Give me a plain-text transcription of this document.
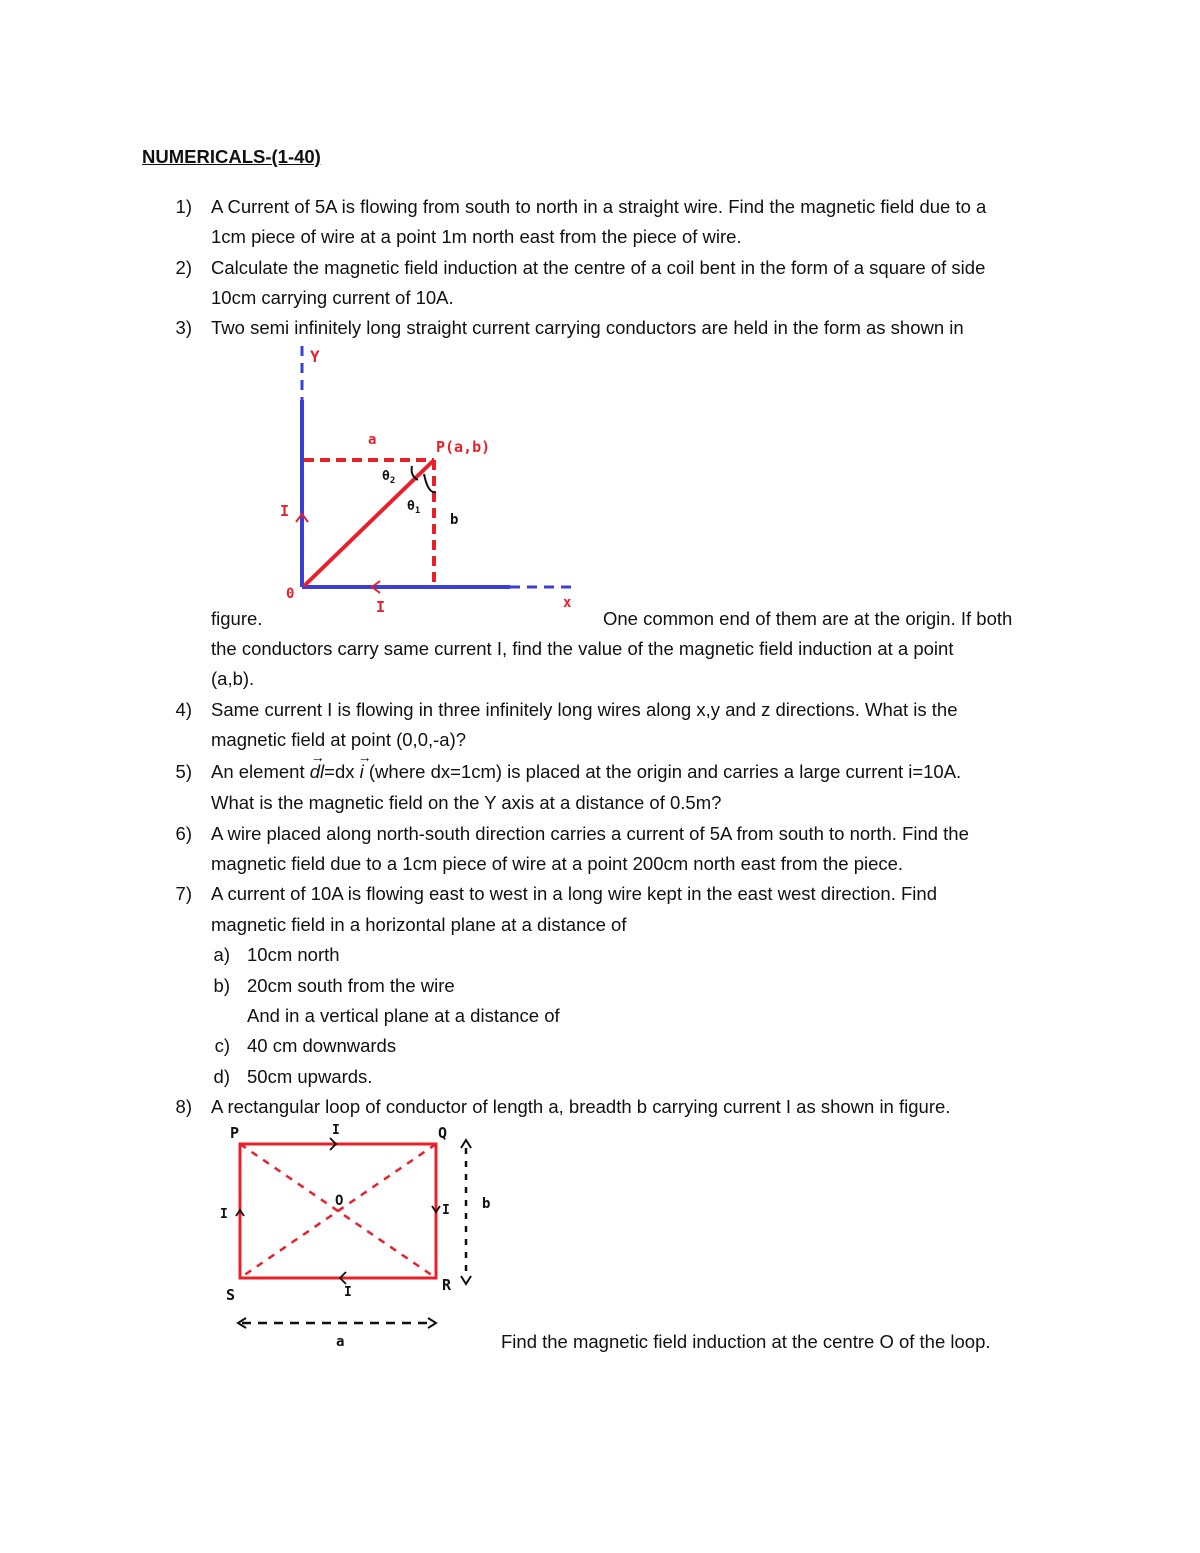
NUMERICALS-(1-40)
1) A Current of 5A is flowing from south to north in a straight wire. Find the magnetic field due to a
1cm piece of wire at a point 1m north east from the piece of wire.
2) Calculate the magnetic field induction at the centre of a coil bent in the form of a square of side
10cm carrying current of 10A.
3) Two semi infinitely long straight current carrying conductors are held in the form as shown in
Y
x
a	P(a,b)
$\theta_2$
$\theta_1$
b
I
I
0
figure.	One common end of them are at the origin. If both
the conductors carry same current I, find the value of the magnetic field induction at a point
(a,b).
4) Same current I is flowing in three infinitely long wires along x,y and z directions. What is the
magnetic field at point (0,0,-a)?
5) An element
→
dl=dx
→
i (where dx=1cm) is placed at the origin and carries a large current i=10A.
What is the magnetic field on the Y axis at a distance of 0.5m?
6) A wire placed along north-south direction carries a current of 5A from south to north. Find the
magnetic field due to a 1cm piece of wire at a point 200cm north east from the piece.
7) A current of 10A is flowing east to west in a long wire kept in the east west direction. Find
magnetic field in a horizontal plane at a distance of
a) 10cm north
b) 20cm south from the wire
And in a vertical plane at a distance of
c) 40 cm downwards
d) 50cm upwards.
8) A rectangular loop of conductor of length a, breadth b carrying current I as shown in figure.
P	Q
R
S
O
I
I	I
I
b
a	Find the magnetic field induction at the centre O of the loop.
